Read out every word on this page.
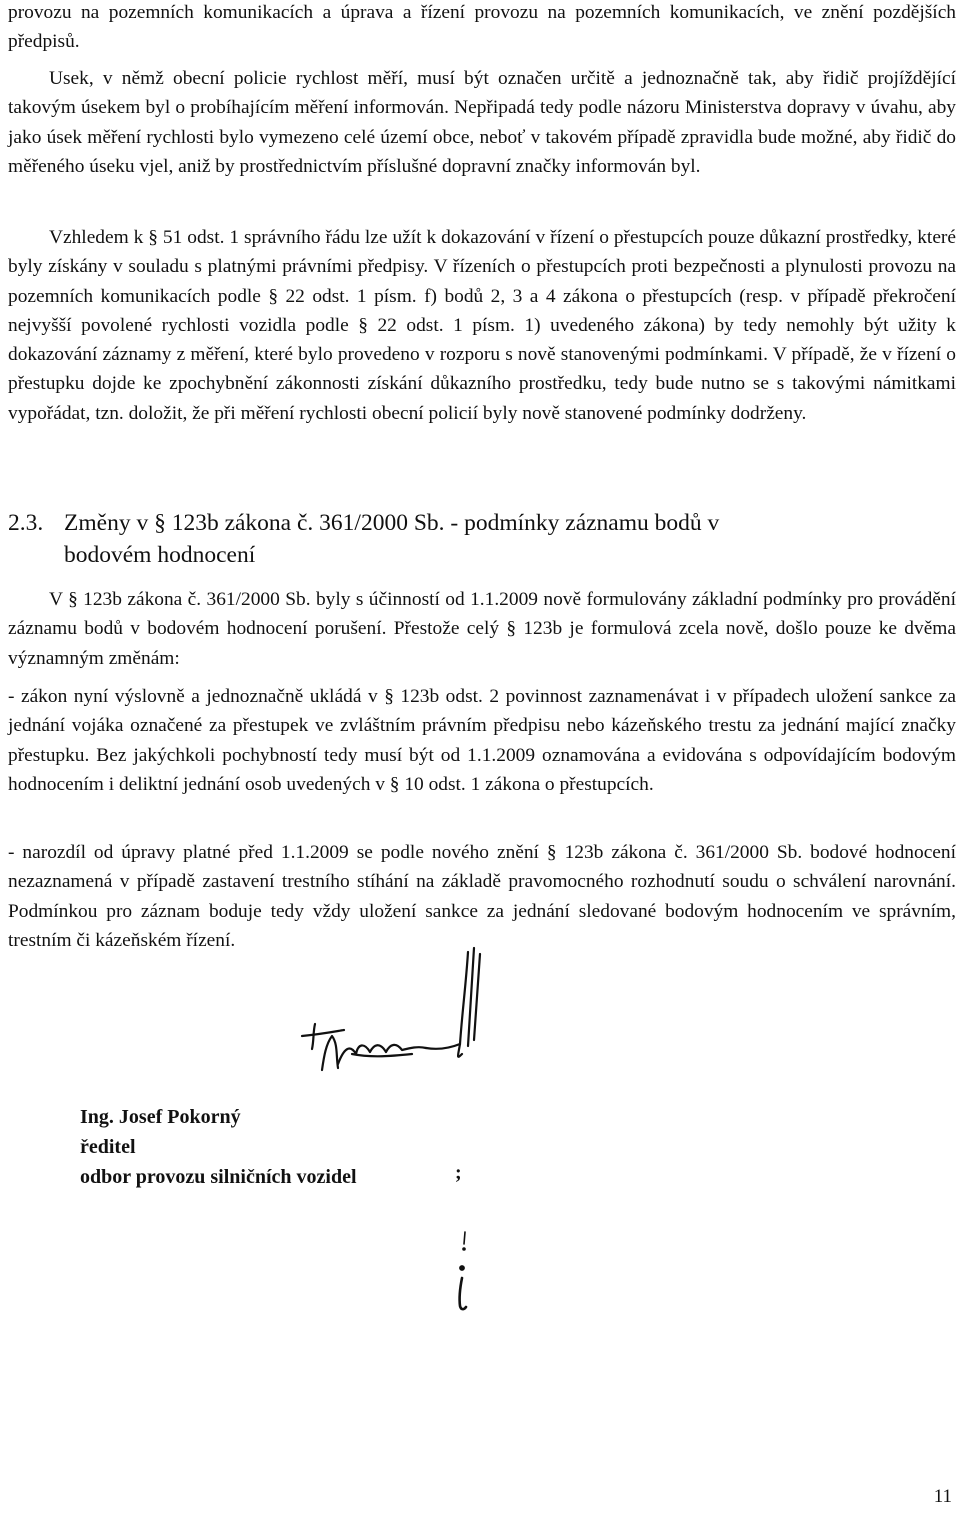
provozu na pozemních komunikacích a úprava a řízení provozu na pozemních komunikacích, ve znění pozdějších předpisů.

Usek, v němž obecní policie rychlost měří, musí být označen určitě a jednoznačně tak, aby řidič projíždějící takovým úsekem byl o probíhajícím měření informován. Nepřipadá tedy podle názoru Ministerstva dopravy v úvahu, aby jako úsek měření rychlosti bylo vymezeno celé území obce, neboť v takovém případě zpravidla bude možné, aby řidič do měřeného úseku vjel, aniž by prostřednictvím příslušné dopravní značky informován byl.

Vzhledem k § 51 odst. 1 správního řádu lze užít k dokazování v řízení o přestupcích pouze důkazní prostředky, které byly získány v souladu s platnými právními předpisy. V řízeních o přestupcích proti bezpečnosti a plynulosti provozu na pozemních komunikacích podle § 22 odst. 1 písm. f) bodů 2, 3 a 4 zákona o přestupcích (resp. v případě překročení nejvyšší povolené rychlosti vozidla podle § 22 odst. 1 písm. 1) uvedeného zákona) by tedy nemohly být užity k dokazování záznamy z měření, které bylo provedeno v rozporu s nově stanovenými podmínkami. V případě, že v řízení o přestupku dojde ke zpochybnění zákonnosti získání důkazního prostředku, tedy bude nutno se s takovými námitkami vypořádat, tzn. doložit, že při měření rychlosti obecní policií byly nově stanovené podmínky dodrženy.

2.3. Změny v § 123b zákona č. 361/2000 Sb. - podmínky záznamu bodů v
bodovém hodnocení

V § 123b zákona č. 361/2000 Sb. byly s účinností od 1.1.2009 nově formulovány základní podmínky pro provádění záznamu bodů v bodovém hodnocení porušení. Přestože celý § 123b je formulová zcela nově, došlo pouze ke dvěma významným změnám:

- zákon nyní výslovně a jednoznačně ukládá v § 123b odst. 2 povinnost zaznamenávat i v případech uložení sankce za jednání vojáka označené za přestupek ve zvláštním právním předpisu nebo kázeňského trestu za jednání mající značky přestupku. Bez jakýchkoli pochybností tedy musí být od 1.1.2009 oznamována a evidována s odpovídajícím bodovým hodnocením i deliktní jednání osob uvedených v § 10 odst. 1 zákona o přestupcích.

- narozdíl od úpravy platné před 1.1.2009 se podle nového znění § 123b zákona č. 361/2000 Sb. bodové hodnocení nezaznamená v případě zastavení trestního stíhání na základě pravomocného rozhodnutí soudu o schválení narovnání. Podmínkou pro záznam boduje tedy vždy uložení sankce za jednání sledované bodovým hodnocením ve správním, trestním či kázeňském řízení.

Ing. Josef Pokorný
ředitel
odbor provozu silničních vozidel	;
11
